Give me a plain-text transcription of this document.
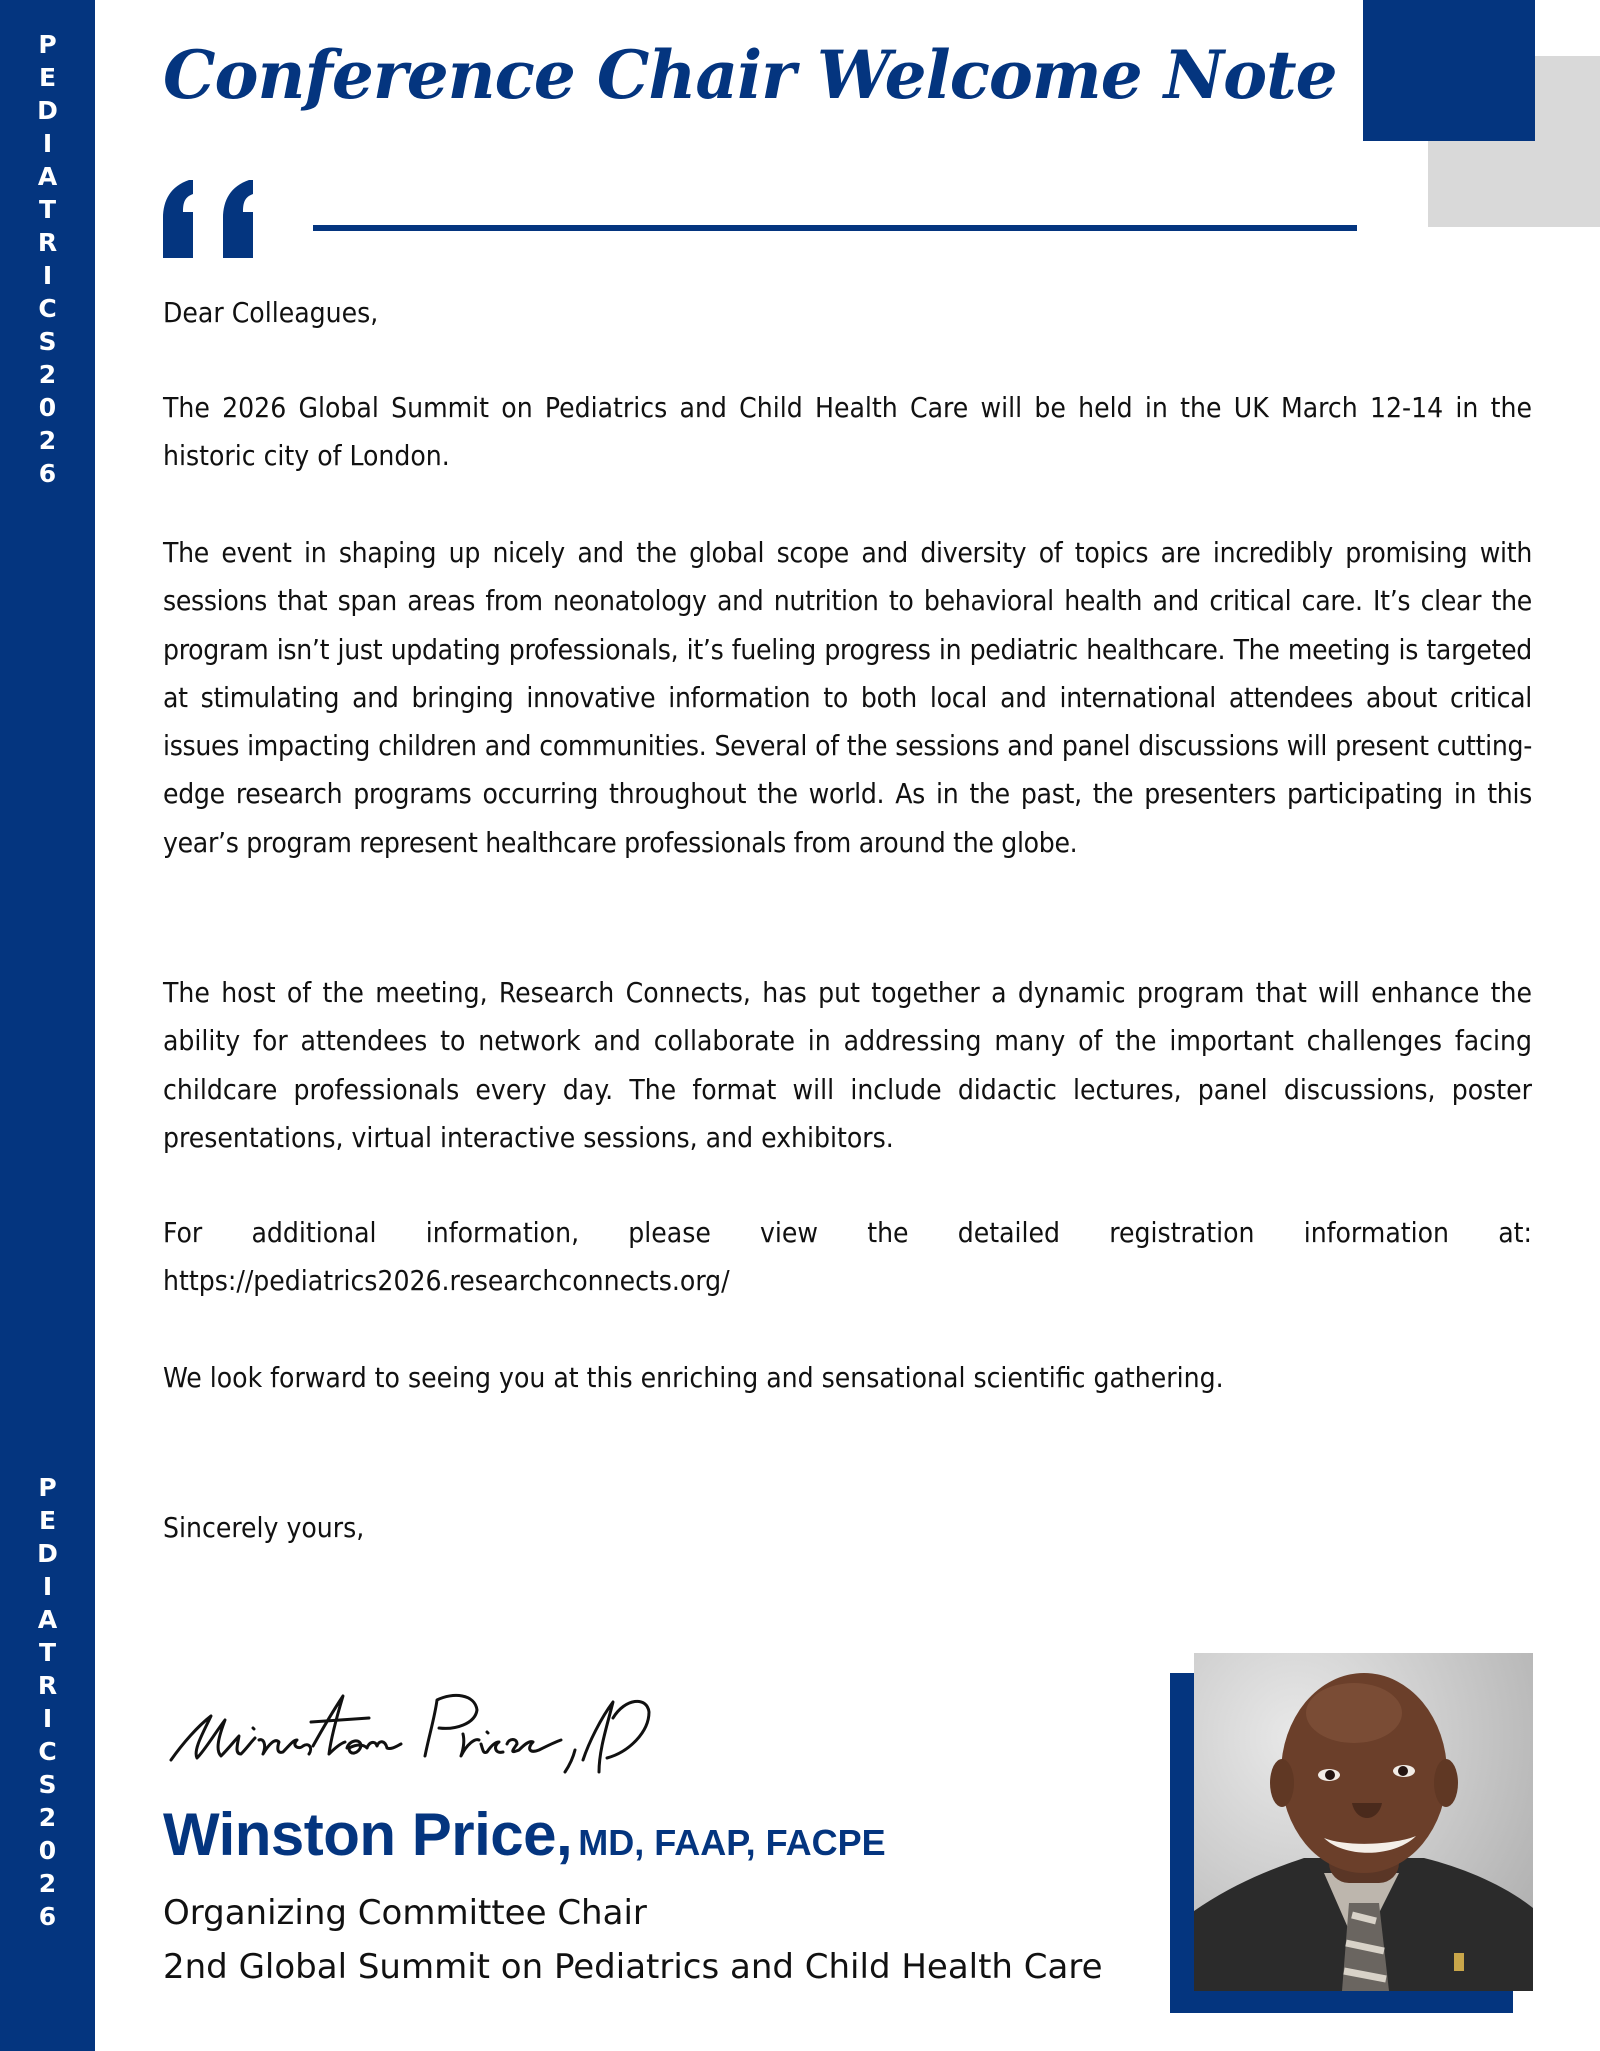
P
E
D
I
A
T
R
I
C
S
2
0
2
6
P
E
D
I
A
T
R
I
C
S
2
0
2
6
Conference Chair Welcome Note

Dear Colleagues,

The 2026 Global Summit on Pediatrics and Child Health Care will be held in the UK March 12-14 in the historic city of London.

The event in shaping up nicely and the global scope and diversity of topics are incredibly promising with sessions that span areas from neonatology and nutrition to behavioral health and critical care. It’s clear the program isn’t just updating professionals, it’s fueling progress in pediatric healthcare. The meeting is targeted at stimulating and bringing innovative information to both local and international attendees about critical issues impacting children and communities. Several of the sessions and panel discussions will present cutting-edge research programs occurring throughout the world. As in the past, the presenters participating in this year’s program represent healthcare professionals from around the globe.

The host of the meeting, Research Connects, has put together a dynamic program that will enhance the ability for attendees to network and collaborate in addressing many of the important challenges facing childcare professionals every day. The format will include didactic lectures, panel discussions, poster presentations, virtual interactive sessions, and exhibitors.

For additional information, please view the detailed registration information at: https://pediatrics2026.researchconnects.org/

We look forward to seeing you at this enriching and sensational scientific gathering.

Sincerely yours,

Winston Price, MD, FAAP, FACPE
Organizing Committee Chair
2nd Global Summit on Pediatrics and Child Health Care
